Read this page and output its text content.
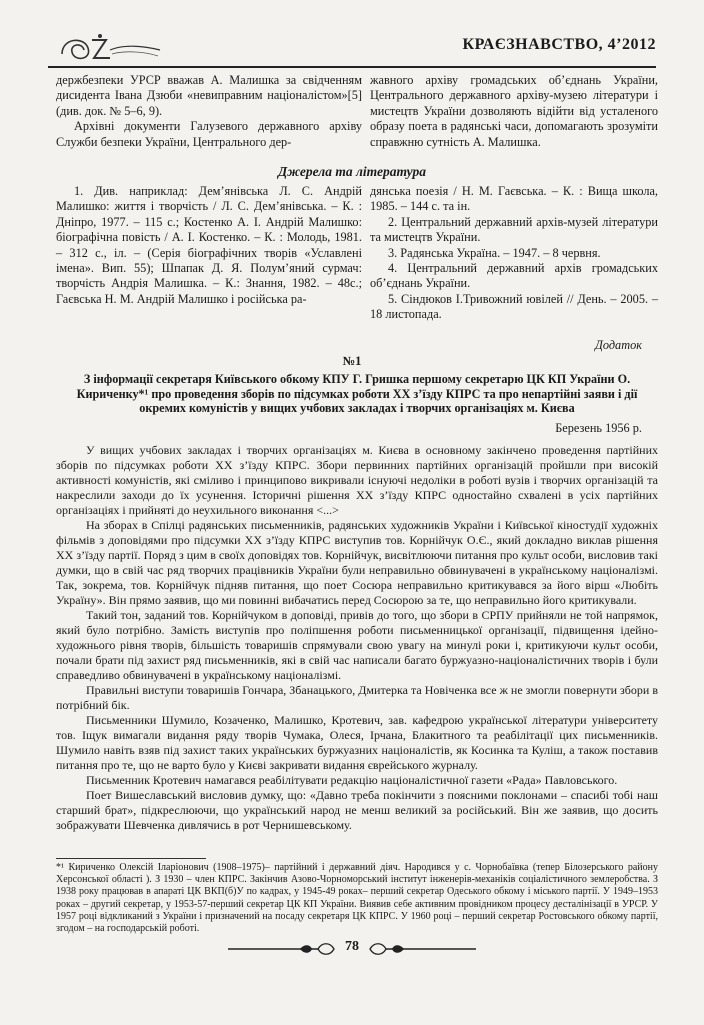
КРАЄЗНАВСТВО, 4’2012

держбезпеки УРСР вважав А. Малишка за свідченням дисидента Івана Дзюби «невиправним націоналістом»[5] (див. док. № 5–6, 9).

Архівні документи Галузевого державного архіву Служби безпеки України, Центрального дер-

жавного архіву громадських об’єднань України, Центрального державного архіву-музею літератури і мистецтв України дозволяють відійти від усталеного образу поета в радянські часи, допомагають зрозуміти справжню сутність А. Малишка.

Джерела та література

1. Див. наприклад: Дем’янівська Л. С. Андрій Малишко: життя і творчість / Л. С. Дем’янівська. – К. : Дніпро, 1977. – 115 с.; Костенко А. І. Андрій Малишко: біографічна повість / А. І. Костенко. – К. : Молодь, 1981. – 312 с., іл. – (Серія біографічних творів «Уславлені імена». Вип. 55); Шпапак Д. Я. Полум’яний сурмач: творчість Андрія Малишка. – К.: Знання, 1982. – 48с.; Гаєвська Н. М. Андрій Малишко і російська ра-

дянська поезія / Н. М. Гаєвська. – К. : Вища школа, 1985. – 144 с. та ін.

2. Центральний державний архів-музей літератури та мистецтв України.

3. Радянська Україна. – 1947. – 8 червня.

4. Центральний державний архів громадських об’єднань України.

5. Сіндюков І.Тривожний ювілей // День. – 2005. – 18 листопада.

Додаток
№1
З інформації секретаря Київського обкому КПУ Г. Гришка першому секретарю ЦК КП України О. Кириченку*¹ про проведення зборів по підсумках роботи XX з’їзду КПРС та про непартійні заяви і дії окремих комуністів у вищих учбових закладах і творчих організаціях м. Києва
Березень 1956 р.

У вищих учбових закладах і творчих організаціях м. Києва в основному закінчено проведення партійних зборів по підсумках роботи XX з’їзду КПРС. Збори первинних партійних організацій пройшли при високій активності комуністів, які сміливо і принципово викривали існуючі недоліки в роботі вузів і творчих організацій та накреслили заходи до їх усунення. Історичні рішення XX з’їзду КПРС одностайно схвалені в усіх партійних організаціях і прийняті до неухильного виконання <...>

На зборах в Спілці радянських письменників, радянських художників України і Київської кіностудії художніх фільмів з доповідями про підсумки XX з’їзду КПРС виступив тов. Корнійчук О.Є., який докладно виклав рішення XX з’їзду партії. Поряд з цим в своїх доповідях тов. Корнійчук, висвітлюючи питання про культ особи, висловив такі думки, що в свій час ряд творчих працівників України були неправильно обвинувачені в українському націоналізмі. Так, зокрема, тов. Корнійчук підняв питання, що поет Сосюра неправильно критикувався за його вірш «Любіть Україну». Він прямо заявив, що ми повинні вибачатись перед Сосюрою за те, що неправильно його критикували.

Такий тон, заданий тов. Корнійчуком в доповіді, привів до того, що збори в СРПУ прийняли не той напрямок, який було потрібно. Замість виступів про поліпшення роботи письменницької організації, підвищення ідейно-художнього рівня творів, більшість товаришів спрямували свою увагу на минулі роки і, критикуючи культ особи, почали брати під захист ряд письменників, які в свій час написали багато буржуазно-націоналістичних творів і були справедливо обвинувачені в українському націоналізмі.

Правильні виступи товаришів Гончара, Збанацького, Дмитерка та Новіченка все ж не змогли повернути збори в потрібний бік.

Письменники Шумило, Козаченко, Малишко, Кротевич, зав. кафедрою української літератури університету тов. Іщук вимагали видання ряду творів Чумака, Олеся, Ірчана, Блакитного та реабілітації цих письменників. Шумило навіть взяв під захист таких українських буржуазних націоналістів, як Косинка та Куліш, а також поставив питання про те, що не варто було у Києві закривати видання єврейського журналу.

Письменник Кротевич намагався реабілітувати редакцію націоналістичної газети «Рада» Павловського.

Поет Вишеславський висловив думку, що: «Давно треба покінчити з поясними поклонами – спасибі тобі наш старший брат», підкреслюючи, що український народ не менш великий за російський. Він же заявив, що досить зображувати Шевченка дивлячись в рот Чернишевському.

*¹ Кириченко Олексій Іларіонович (1908–1975)– партійний і державний діяч. Народився у с. Чорнобаївка (тепер Білозерського району Херсонської області ). З 1930 – член КПРС. Закінчив Азово-Чорноморський інститут інженерів-механіків соціалістичного землеробства. З 1938 року працював в апараті ЦК ВКП(б)У по кадрах, у 1945-49 роках– перший секретар Одеського обкому і міського партії. У 1949–1953 роках – другий секретар, у 1953-57-перший секретар ЦК КП України. Виявив себе активним провідником процесу десталінізації в УРСР. У 1957 році відкликаний з України і призначений на посаду секретаря ЦК КПРС. У 1960 році – перший секретар Ростовського обкому партії, згодом – на господарській роботі.

78
